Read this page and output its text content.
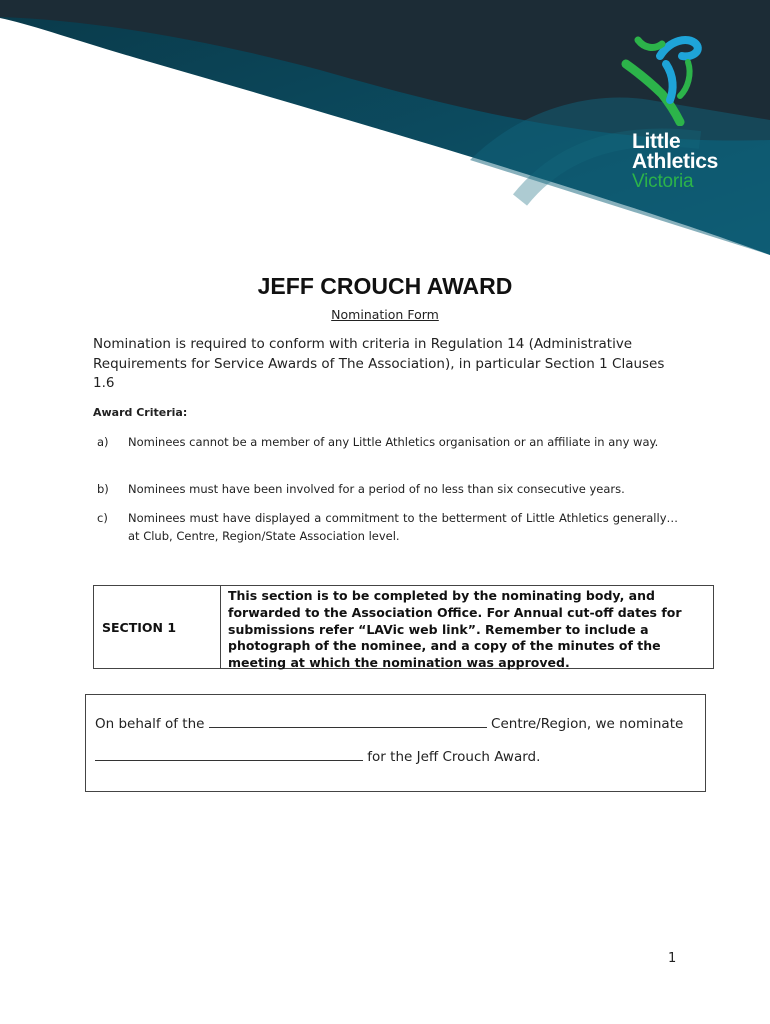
Little
Athletics
Victoria
JEFF CROUCH AWARD
Nomination Form
Nomination is required to conform with criteria in Regulation 14 (Administrative Requirements for Service Awards of The Association), in particular Section 1 Clauses 1.6
Award Criteria:
a) Nominees cannot be a member of any Little Athletics organisation or an affiliate in any way.
b) Nominees must have been involved for a period of no less than six consecutive years.
c) Nominees must have displayed a commitment to the betterment of Little Athletics generally…at Club, Centre, Region/State Association level.
SECTION 1
This section is to be completed by the nominating body, and forwarded to the Association Office. For Annual cut-off dates for submissions refer “LAVic web link”. Remember to include a photograph of the nominee, and a copy of the minutes of the meeting at which the nomination was approved.
On behalf of the	Centre/Region, we nominate
for the Jeff Crouch Award.
1
